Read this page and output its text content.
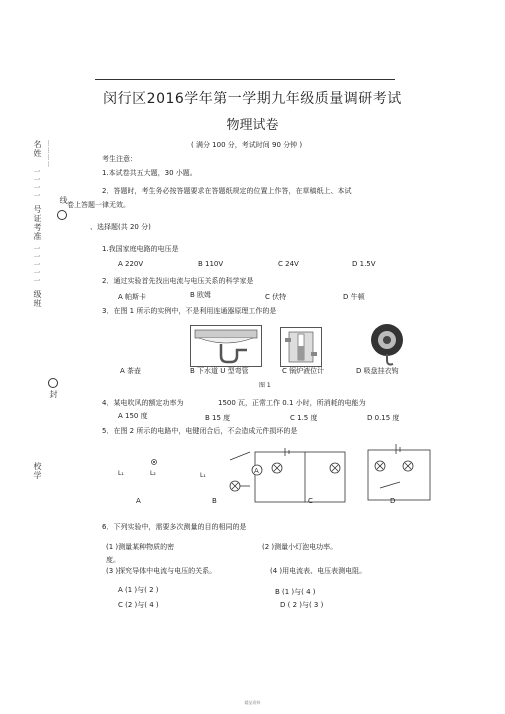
闵行区2016学年第一学期九年级质量调研考试
物理试卷
( 满分 100 分，考试时间 90 分钟 )
名姓 …………
一一一一
线
号证考准
一一一一一
级班
封
校学
考生注意：
1.本试卷共五大题，30 小题。
2．答题时，考生务必按答题要求在答题纸规定的位置上作答，在草稿纸上、本试
卷上答题一律无效。
、选择题(共 20 分)
1.我国家庭电路的电压是
A 220V	B 110V	C 24V	D 1.5V
2．通过实验首先找出电流与电压关系的科学家是
A 帕斯卡	B 欧姆	C 伏特	D 牛顿
3．在图 1 所示的实例中，不是利用连通器原理工作的是
A 茶壶	B 下水道 U 型弯管	C 锅炉液位计	D 吸盘挂衣钩
图 1
4．某电吹风的额定功率为	1500 瓦，正常工作 0.1 小时，所消耗的电能为
A 150 度	B 15 度	C 1.5 度	D 0.15 度
5．在图 2 所示的电路中，电键闭合后，不会造成元件损坏的是
A
L₁	L₂	L₁
A	B	C	D
6．下列实验中，需要多次测量的目的相同的是
(1 )测量某种物质的密
度。
(2 )测量小灯泡电功率。
(3 )探究导体中电流与电压的关系。	(4 )用电流表、电压表测电阻。
A (1 )与( 2 )	B (1 )与( 4 )
C (2 )与( 4 )	D ( 2 )与( 3 )
精品资料
